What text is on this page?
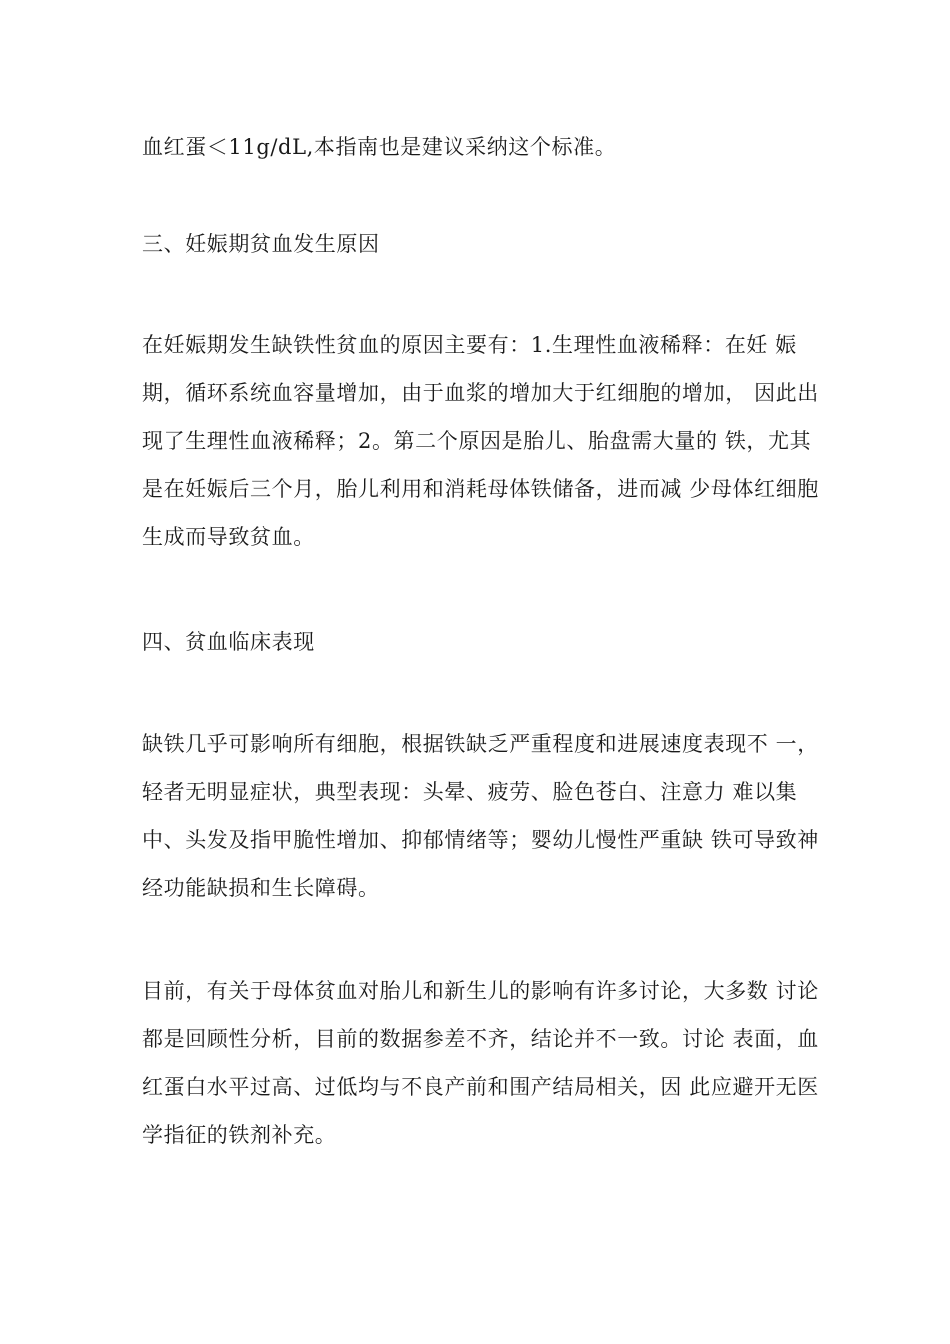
血红蛋＜11g/dL,本指南也是建议采纳这个标准。
三、妊娠期贫血发生原因
在妊娠期发生缺铁性贫血的原因主要有：1.生理性血液稀释：在妊 娠
期，循环系统血容量增加，由于血浆的增加大于红细胞的增加， 因此出
现了生理性血液稀释；2。第二个原因是胎儿、胎盘需大量的 铁，尤其
是在妊娠后三个月，胎儿利用和消耗母体铁储备，进而减 少母体红细胞
生成而导致贫血。
四、贫血临床表现
缺铁几乎可影响所有细胞，根据铁缺乏严重程度和进展速度表现不 一，
轻者无明显症状，典型表现：头晕、疲劳、脸色苍白、注意力 难以集
中、头发及指甲脆性增加、抑郁情绪等；婴幼儿慢性严重缺 铁可导致神
经功能缺损和生长障碍。
目前，有关于母体贫血对胎儿和新生儿的影响有许多讨论，大多数 讨论
都是回顾性分析，目前的数据参差不齐，结论并不一致。讨论 表面，血
红蛋白水平过高、过低均与不良产前和围产结局相关，因 此应避开无医
学指征的铁剂补充。
